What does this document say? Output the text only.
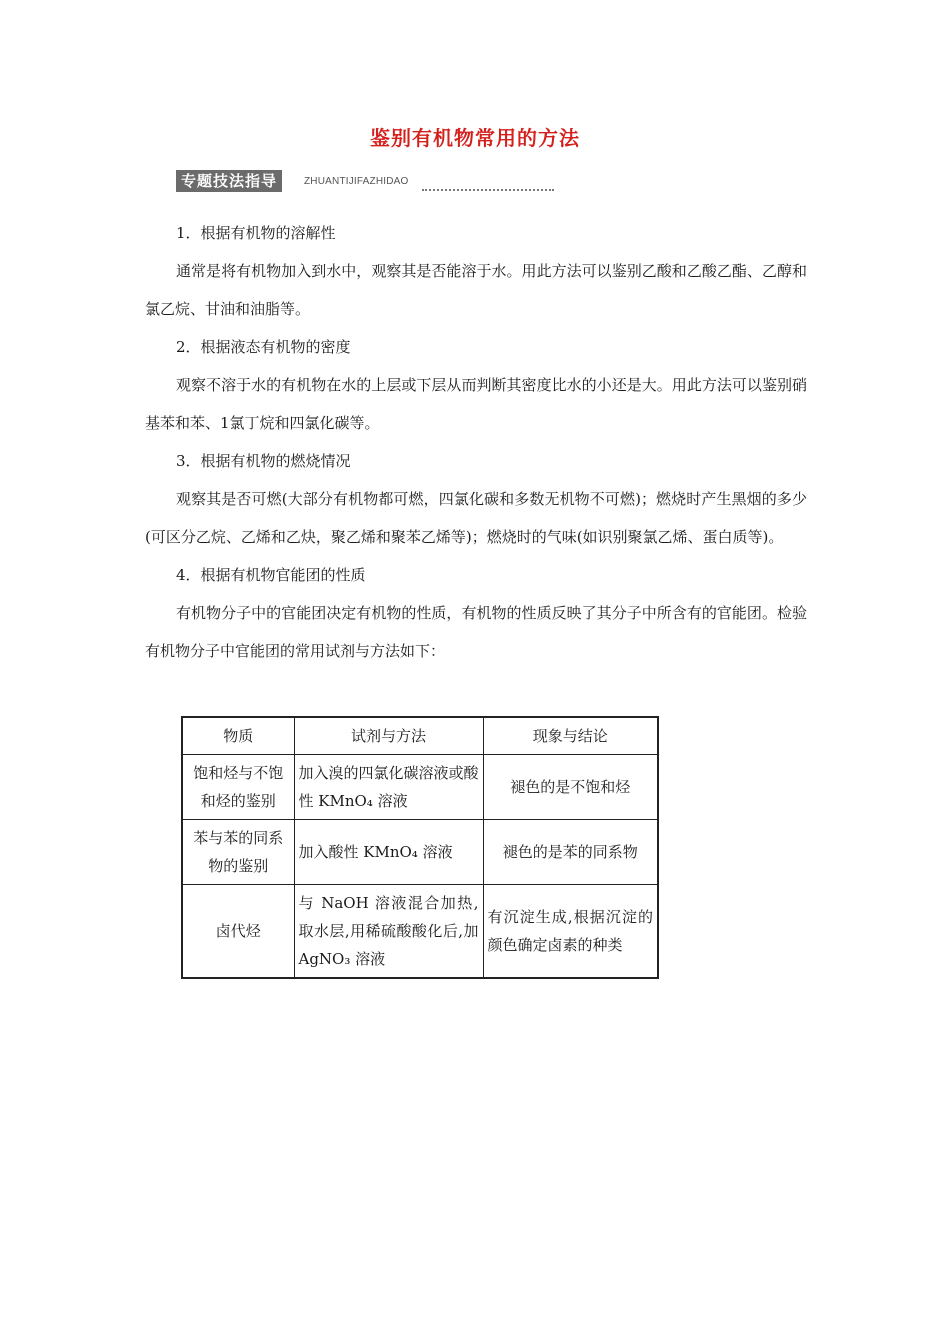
鉴别有机物常用的方法
专题技法指导	ZHUANTIJIFAZHIDAO

1．根据有机物的溶解性

通常是将有机物加入到水中，观察其是否能溶于水。用此方法可以鉴别乙酸和乙酸乙酯、乙醇和氯乙烷、甘油和油脂等。

2．根据液态有机物的密度

观察不溶于水的有机物在水的上层或下层从而判断其密度比水的小还是大。用此方法可以鉴别硝基苯和苯、1氯丁烷和四氯化碳等。

3．根据有机物的燃烧情况

观察其是否可燃(大部分有机物都可燃，四氯化碳和多数无机物不可燃)；燃烧时产生黑烟的多少(可区分乙烷、乙烯和乙炔，聚乙烯和聚苯乙烯等)；燃烧时的气味(如识别聚氯乙烯、蛋白质等)。

4．根据有机物官能团的性质

有机物分子中的官能团决定有机物的性质，有机物的性质反映了其分子中所含有的官能团。检验有机物分子中官能团的常用试剂与方法如下：

物质	试剂与方法	现象与结论
饱和烃与不饱和烃的鉴别	加入溴的四氯化碳溶液或酸性 KMnO₄ 溶液	褪色的是不饱和烃
苯与苯的同系物的鉴别	加入酸性 KMnO₄ 溶液	褪色的是苯的同系物
卤代烃	与 NaOH 溶液混合加热,取水层,用稀硫酸酸化后,加 AgNO₃ 溶液	有沉淀生成,根据沉淀的颜色确定卤素的种类
